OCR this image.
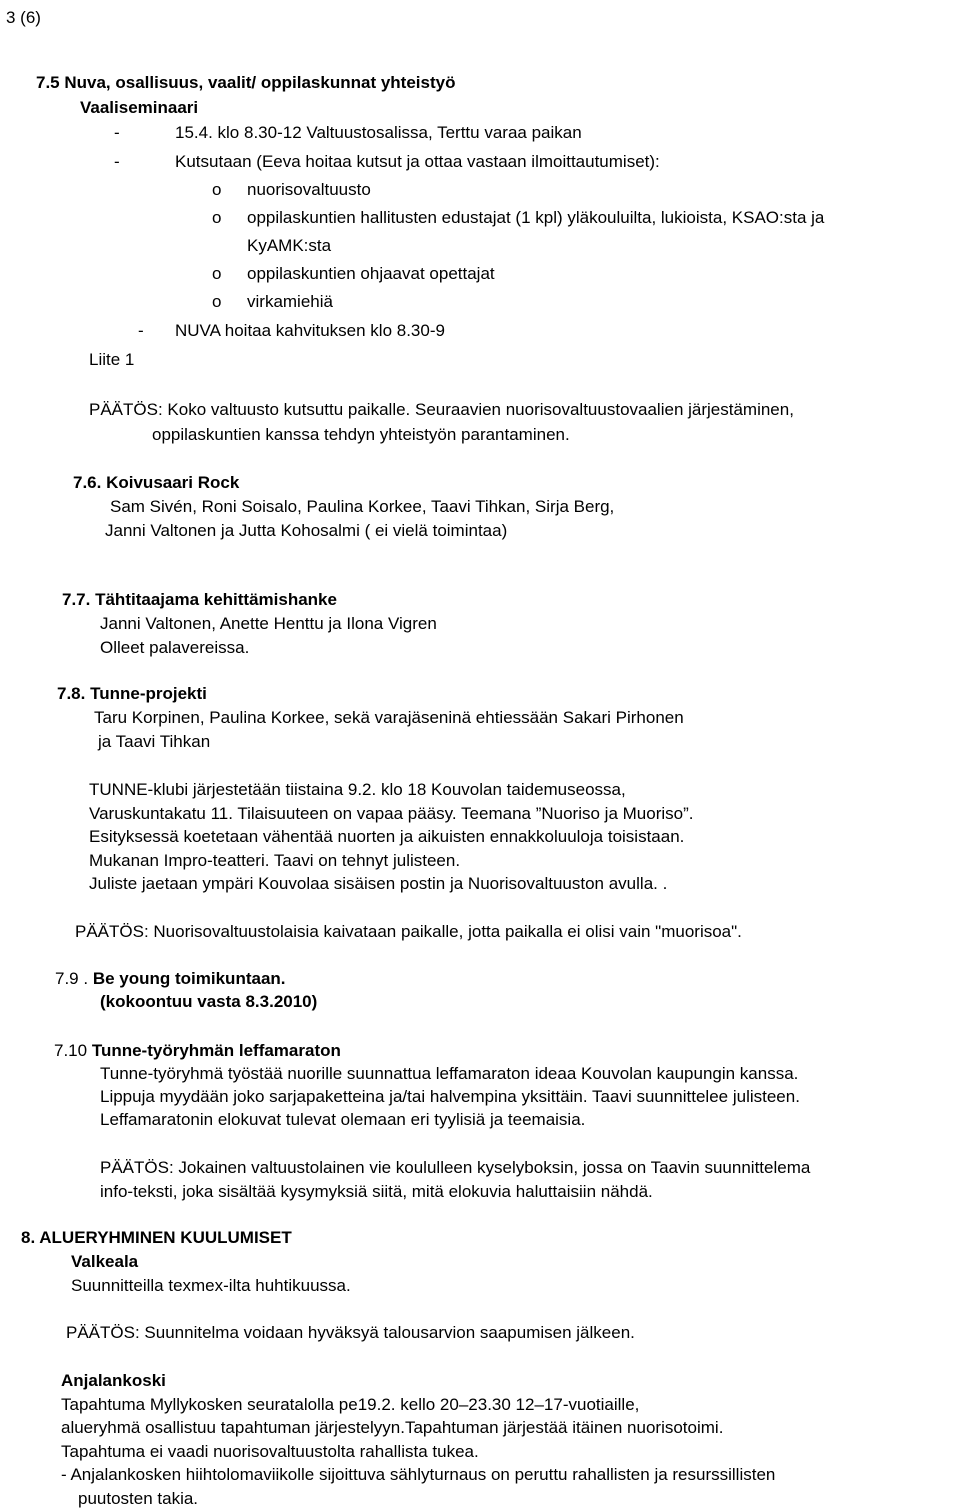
3 (6)
7.5 Nuva, osallisuus, vaalit/ oppilaskunnat yhteistyö
Vaaliseminaari
-	15.4. klo 8.30-12 Valtuustosalissa, Terttu varaa paikan
-	Kutsutaan (Eeva hoitaa kutsut ja ottaa vastaan ilmoittautumiset):
o nuorisovaltuusto
o oppilaskuntien hallitusten edustajat (1 kpl) yläkouluilta, lukioista, KSAO:sta ja
KyAMK:sta
o oppilaskuntien ohjaavat opettajat
o virkamiehiä
- NUVA hoitaa kahvituksen klo 8.30-9
Liite 1
PÄÄTÖS: Koko valtuusto kutsuttu paikalle. Seuraavien nuorisovaltuustovaalien järjestäminen,
oppilaskuntien kanssa tehdyn yhteistyön parantaminen.
7.6. Koivusaari Rock
Sam Sivén, Roni Soisalo, Paulina Korkee, Taavi Tihkan, Sirja Berg,
Janni Valtonen ja Jutta Kohosalmi ( ei vielä toimintaa)
7.7. Tähtitaajama kehittämishanke
Janni Valtonen, Anette Henttu ja Ilona Vigren
Olleet palavereissa.
7.8. Tunne-projekti
Taru Korpinen, Paulina Korkee, sekä varajäseninä ehtiessään Sakari Pirhonen
ja Taavi Tihkan
TUNNE-klubi järjestetään tiistaina 9.2. klo 18 Kouvolan taidemuseossa,
Varuskuntakatu 11. Tilaisuuteen on vapaa pääsy. Teemana ”Nuoriso ja Muoriso”.
Esityksessä koetetaan vähentää nuorten ja aikuisten ennakkoluuloja toisistaan.
Mukanan Impro-teatteri. Taavi on tehnyt julisteen.
Juliste jaetaan ympäri Kouvolaa sisäisen postin ja Nuorisovaltuuston avulla. .
PÄÄTÖS: Nuorisovaltuustolaisia kaivataan paikalle, jotta paikalla ei olisi vain "muorisoa".
7.9 . Be young toimikuntaan.
(kokoontuu vasta 8.3.2010)
7.10 Tunne-työryhmän leffamaraton
Tunne-työryhmä työstää nuorille suunnattua leffamaraton ideaa Kouvolan kaupungin kanssa.
Lippuja myydään joko sarjapaketteina ja/tai halvempina yksittäin. Taavi suunnittelee julisteen.
Leffamaratonin elokuvat tulevat olemaan eri tyylisiä ja teemaisia.
PÄÄTÖS: Jokainen valtuustolainen vie koululleen kyselyboksin, jossa on Taavin suunnittelema
info-teksti, joka sisältää kysymyksiä siitä, mitä elokuvia haluttaisiin nähdä.
8. ALUERYHMINEN KUULUMISET
Valkeala
Suunnitteilla texmex-ilta huhtikuussa.
PÄÄTÖS: Suunnitelma voidaan hyväksyä talousarvion saapumisen jälkeen.
Anjalankoski
Tapahtuma Myllykosken seuratalolla pe19.2. kello 20–23.30 12–17-vuotiaille,
alueryhmä osallistuu tapahtuman järjestelyyn.Tapahtuman järjestää itäinen nuorisotoimi.
Tapahtuma ei vaadi nuorisovaltuustolta rahallista tukea.
- Anjalankosken hiihtolomaviikolle sijoittuva sählyturnaus on peruttu rahallisten ja resurssillisten
puutosten takia.
